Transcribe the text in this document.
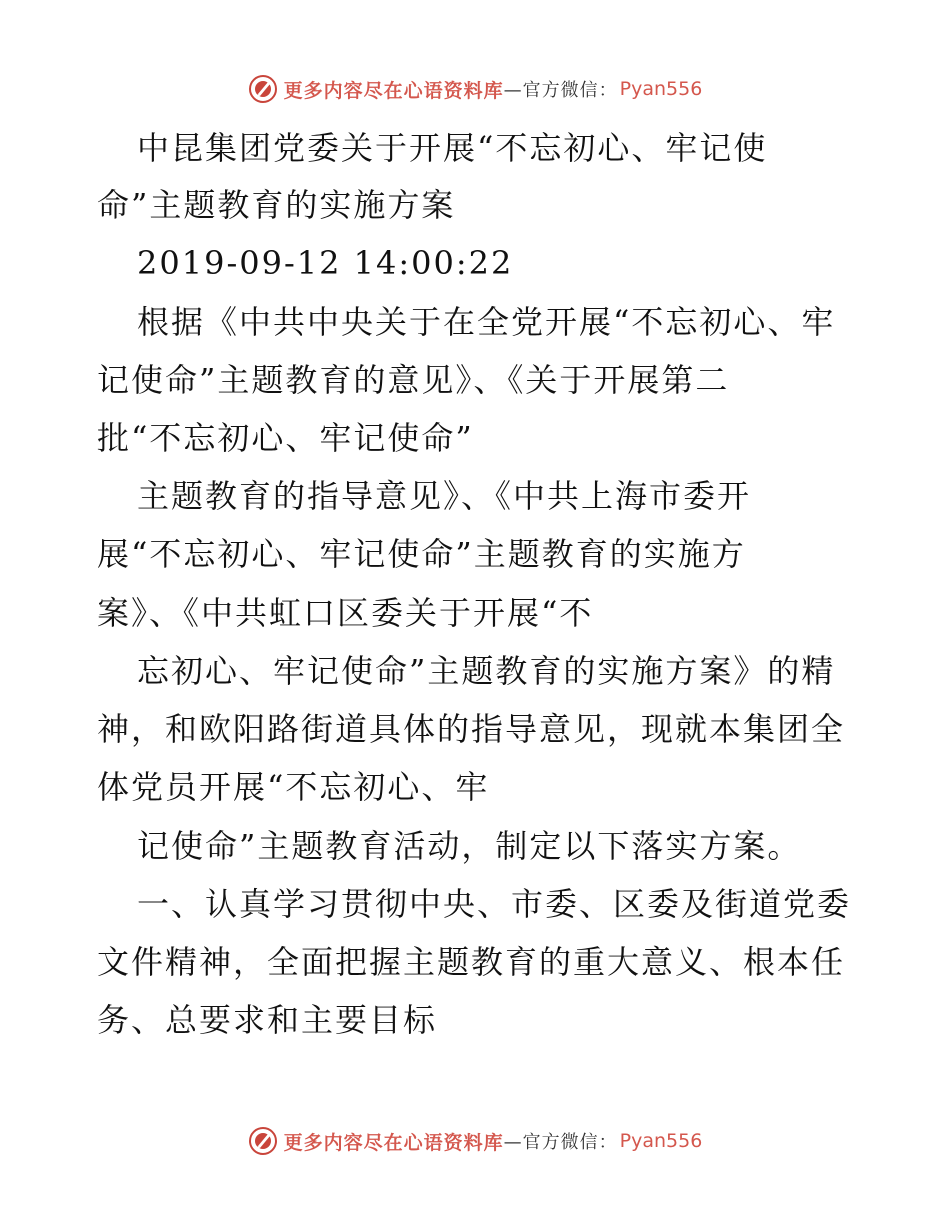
更多内容尽在心语资料库 —官方微信： Pyan556
中昆集团党委关于开展“不忘初心、牢记使
命”主题教育的实施方案
2019-09-12 14:00:22
根据《中共中央关于在全党开展“不忘初心、牢
记使命”主题教育的意见》、《关于开展第二
批“不忘初心、牢记使命”
主题教育的指导意见》、《中共上海市委开
展“不忘初心、牢记使命”主题教育的实施方
案》、《中共虹口区委关于开展“不
忘初心、牢记使命”主题教育的实施方案》的精
神，和欧阳路街道具体的指导意见，现就本集团全
体党员开展“不忘初心、牢
记使命”主题教育活动，制定以下落实方案。
一、认真学习贯彻中央、市委、区委及街道党委
文件精神，全面把握主题教育的重大意义、根本任
务、总要求和主要目标
更多内容尽在心语资料库 —官方微信： Pyan556
